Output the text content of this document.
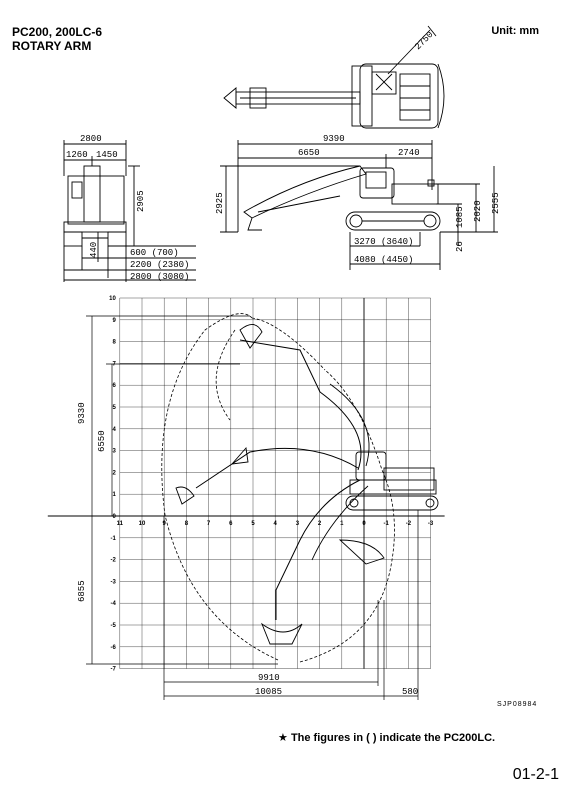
PC200, 200LC-6
ROTARY ARM
Unit: mm
2750
2800
1260 1450
2905
440	600 (700)
2200 (2380)
2800 (3080)
9390
6650	2740
2925
3270 (3640)
4080 (4450)
26
1085 2020 2555
10
9
8
7
6
5
4
3
2
1
0
-1
-2
-3
-4
-5
-6
-7
11	10	9	8	7	6	5	4	3	2	1	0	-1	-2	-3
9330
6550
6855
9910
10085	580
SJP08984
★ The figures in ( ) indicate the PC200LC.
01-2-1
